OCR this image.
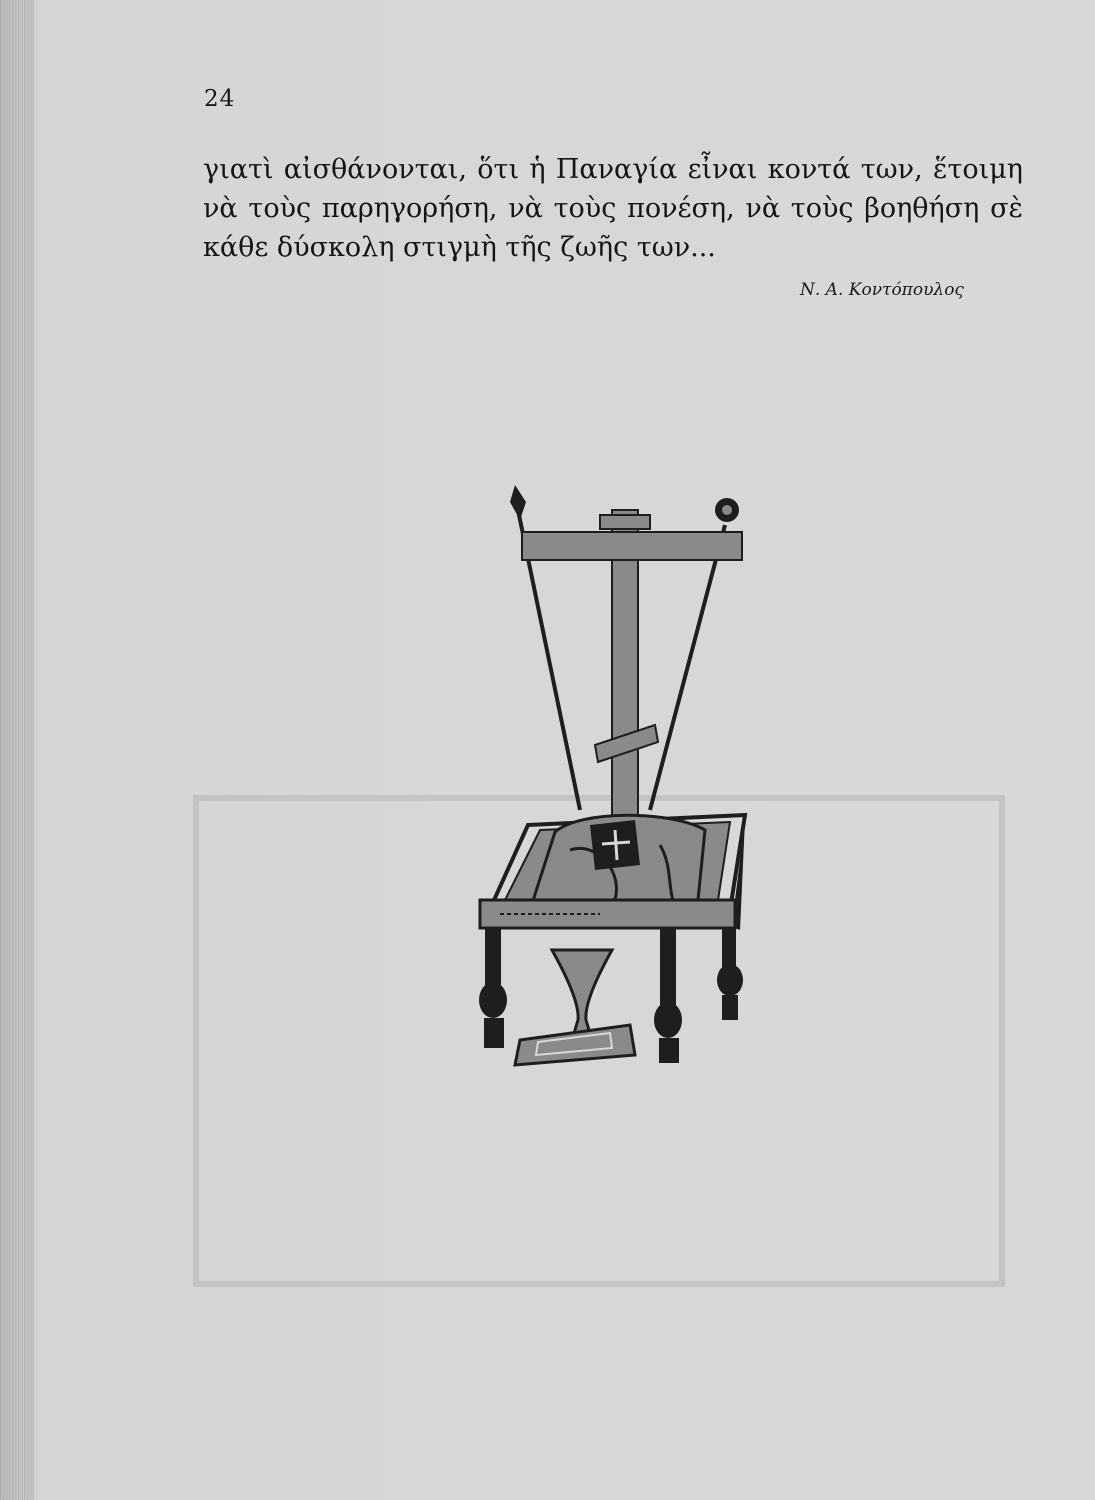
24

γιατὶ αἰσθάνονται, ὅτι ἡ Παναγία εἶναι κοντά των, ἕτοιμη
νὰ τοὺς παρηγορήση, νὰ τοὺς πονέση, νὰ τοὺς βοηθήση σὲ
κάθε δύσκολη στιγμὴ τῆς ζωῆς των...

Ν. Α. Κοντόπουλος
